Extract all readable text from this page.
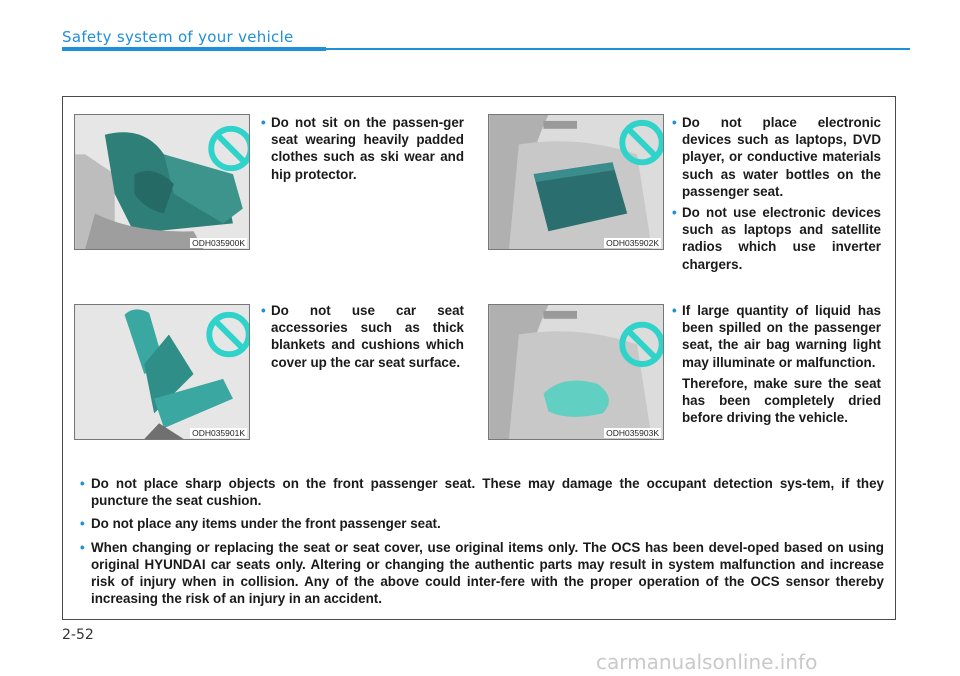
Safety system of your vehicle
ODH035900K	ODH035902K
ODH035901K	ODH035903K
• Do not sit on the passen-ger seat wearing heavily padded clothes such as ski wear and hip protector.

• Do not place electronic devices such as laptops, DVD player, or conductive materials such as water bottles on the passenger seat.

• Do not use electronic devices such as laptops and satellite radios which use inverter chargers.

• Do not use car seat accessories such as thick blankets and cushions which cover up the car seat surface.

• If large quantity of liquid has been spilled on the passenger seat, the air bag warning light may illuminate or malfunction.

Therefore, make sure the seat has been completely dried before driving the vehicle.

• Do not place sharp objects on the front passenger seat. These may damage the occupant detection sys-tem, if they puncture the seat cushion.
• Do not place any items under the front passenger seat.
• When changing or replacing the seat or seat cover, use original items only. The OCS has been devel-oped based on using original HYUNDAI car seats only. Altering or changing the authentic parts may result in system malfunction and increase risk of injury when in collision. Any of the above could inter-fere with the proper operation of the OCS sensor thereby increasing the risk of an injury in an accident.
2-52
carmanualsonline.info
